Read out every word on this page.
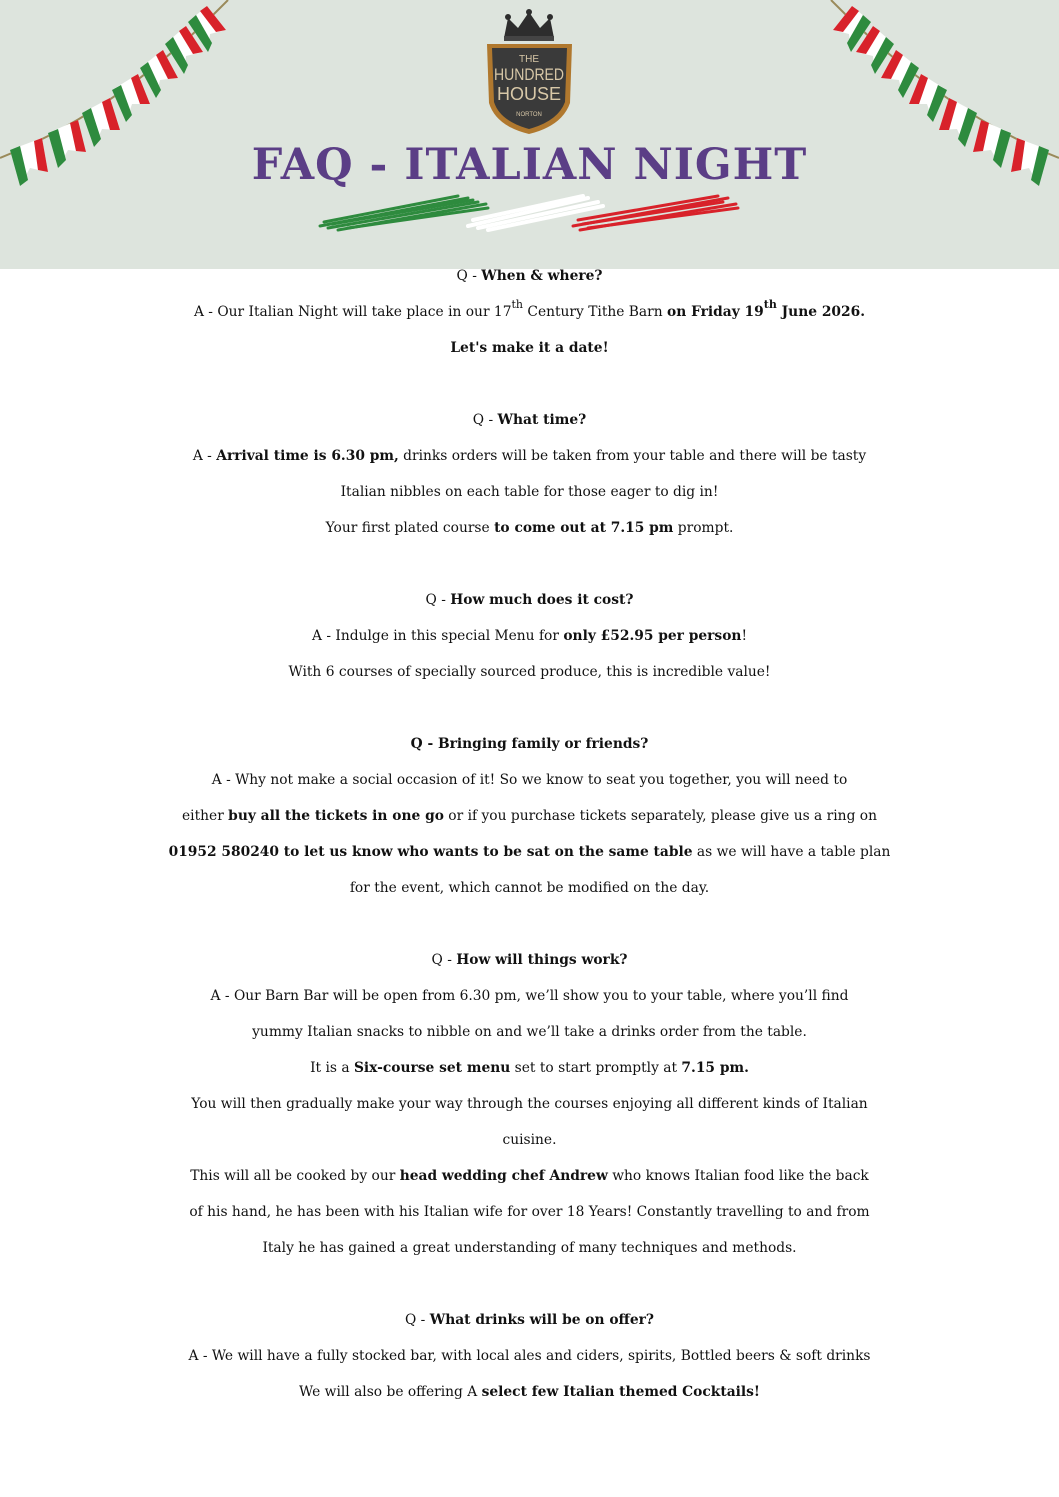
THE
HUNDRED
HOUSE
NORTON
FAQ - ITALIAN NIGHT
Q - When & where?
A - Our Italian Night will take place in our 17th Century Tithe Barn on Friday 19th June 2026.
Let's make it a date!
Q - What time?
A - Arrival time is 6.30 pm, drinks orders will be taken from your table and there will be tasty
Italian nibbles on each table for those eager to dig in!
Your first plated course to come out at 7.15 pm prompt.
Q - How much does it cost?
A - Indulge in this special Menu for only £52.95 per person!
With 6 courses of specially sourced produce, this is incredible value!
Q - Bringing family or friends?
A - Why not make a social occasion of it! So we know to seat you together, you will need to
either buy all the tickets in one go or if you purchase tickets separately, please give us a ring on
01952 580240 to let us know who wants to be sat on the same table as we will have a table plan
for the event, which cannot be modified on the day.
Q - How will things work?
A - Our Barn Bar will be open from 6.30 pm, we’ll show you to your table, where you’ll find
yummy Italian snacks to nibble on and we’ll take a drinks order from the table.
It is a Six-course set menu set to start promptly at 7.15 pm.
You will then gradually make your way through the courses enjoying all different kinds of Italian
cuisine.
This will all be cooked by our head wedding chef Andrew who knows Italian food like the back
of his hand, he has been with his Italian wife for over 18 Years! Constantly travelling to and from
Italy he has gained a great understanding of many techniques and methods.
Q - What drinks will be on offer?
A - We will have a fully stocked bar, with local ales and ciders, spirits, Bottled beers & soft drinks
We will also be offering A select few Italian themed Cocktails!
